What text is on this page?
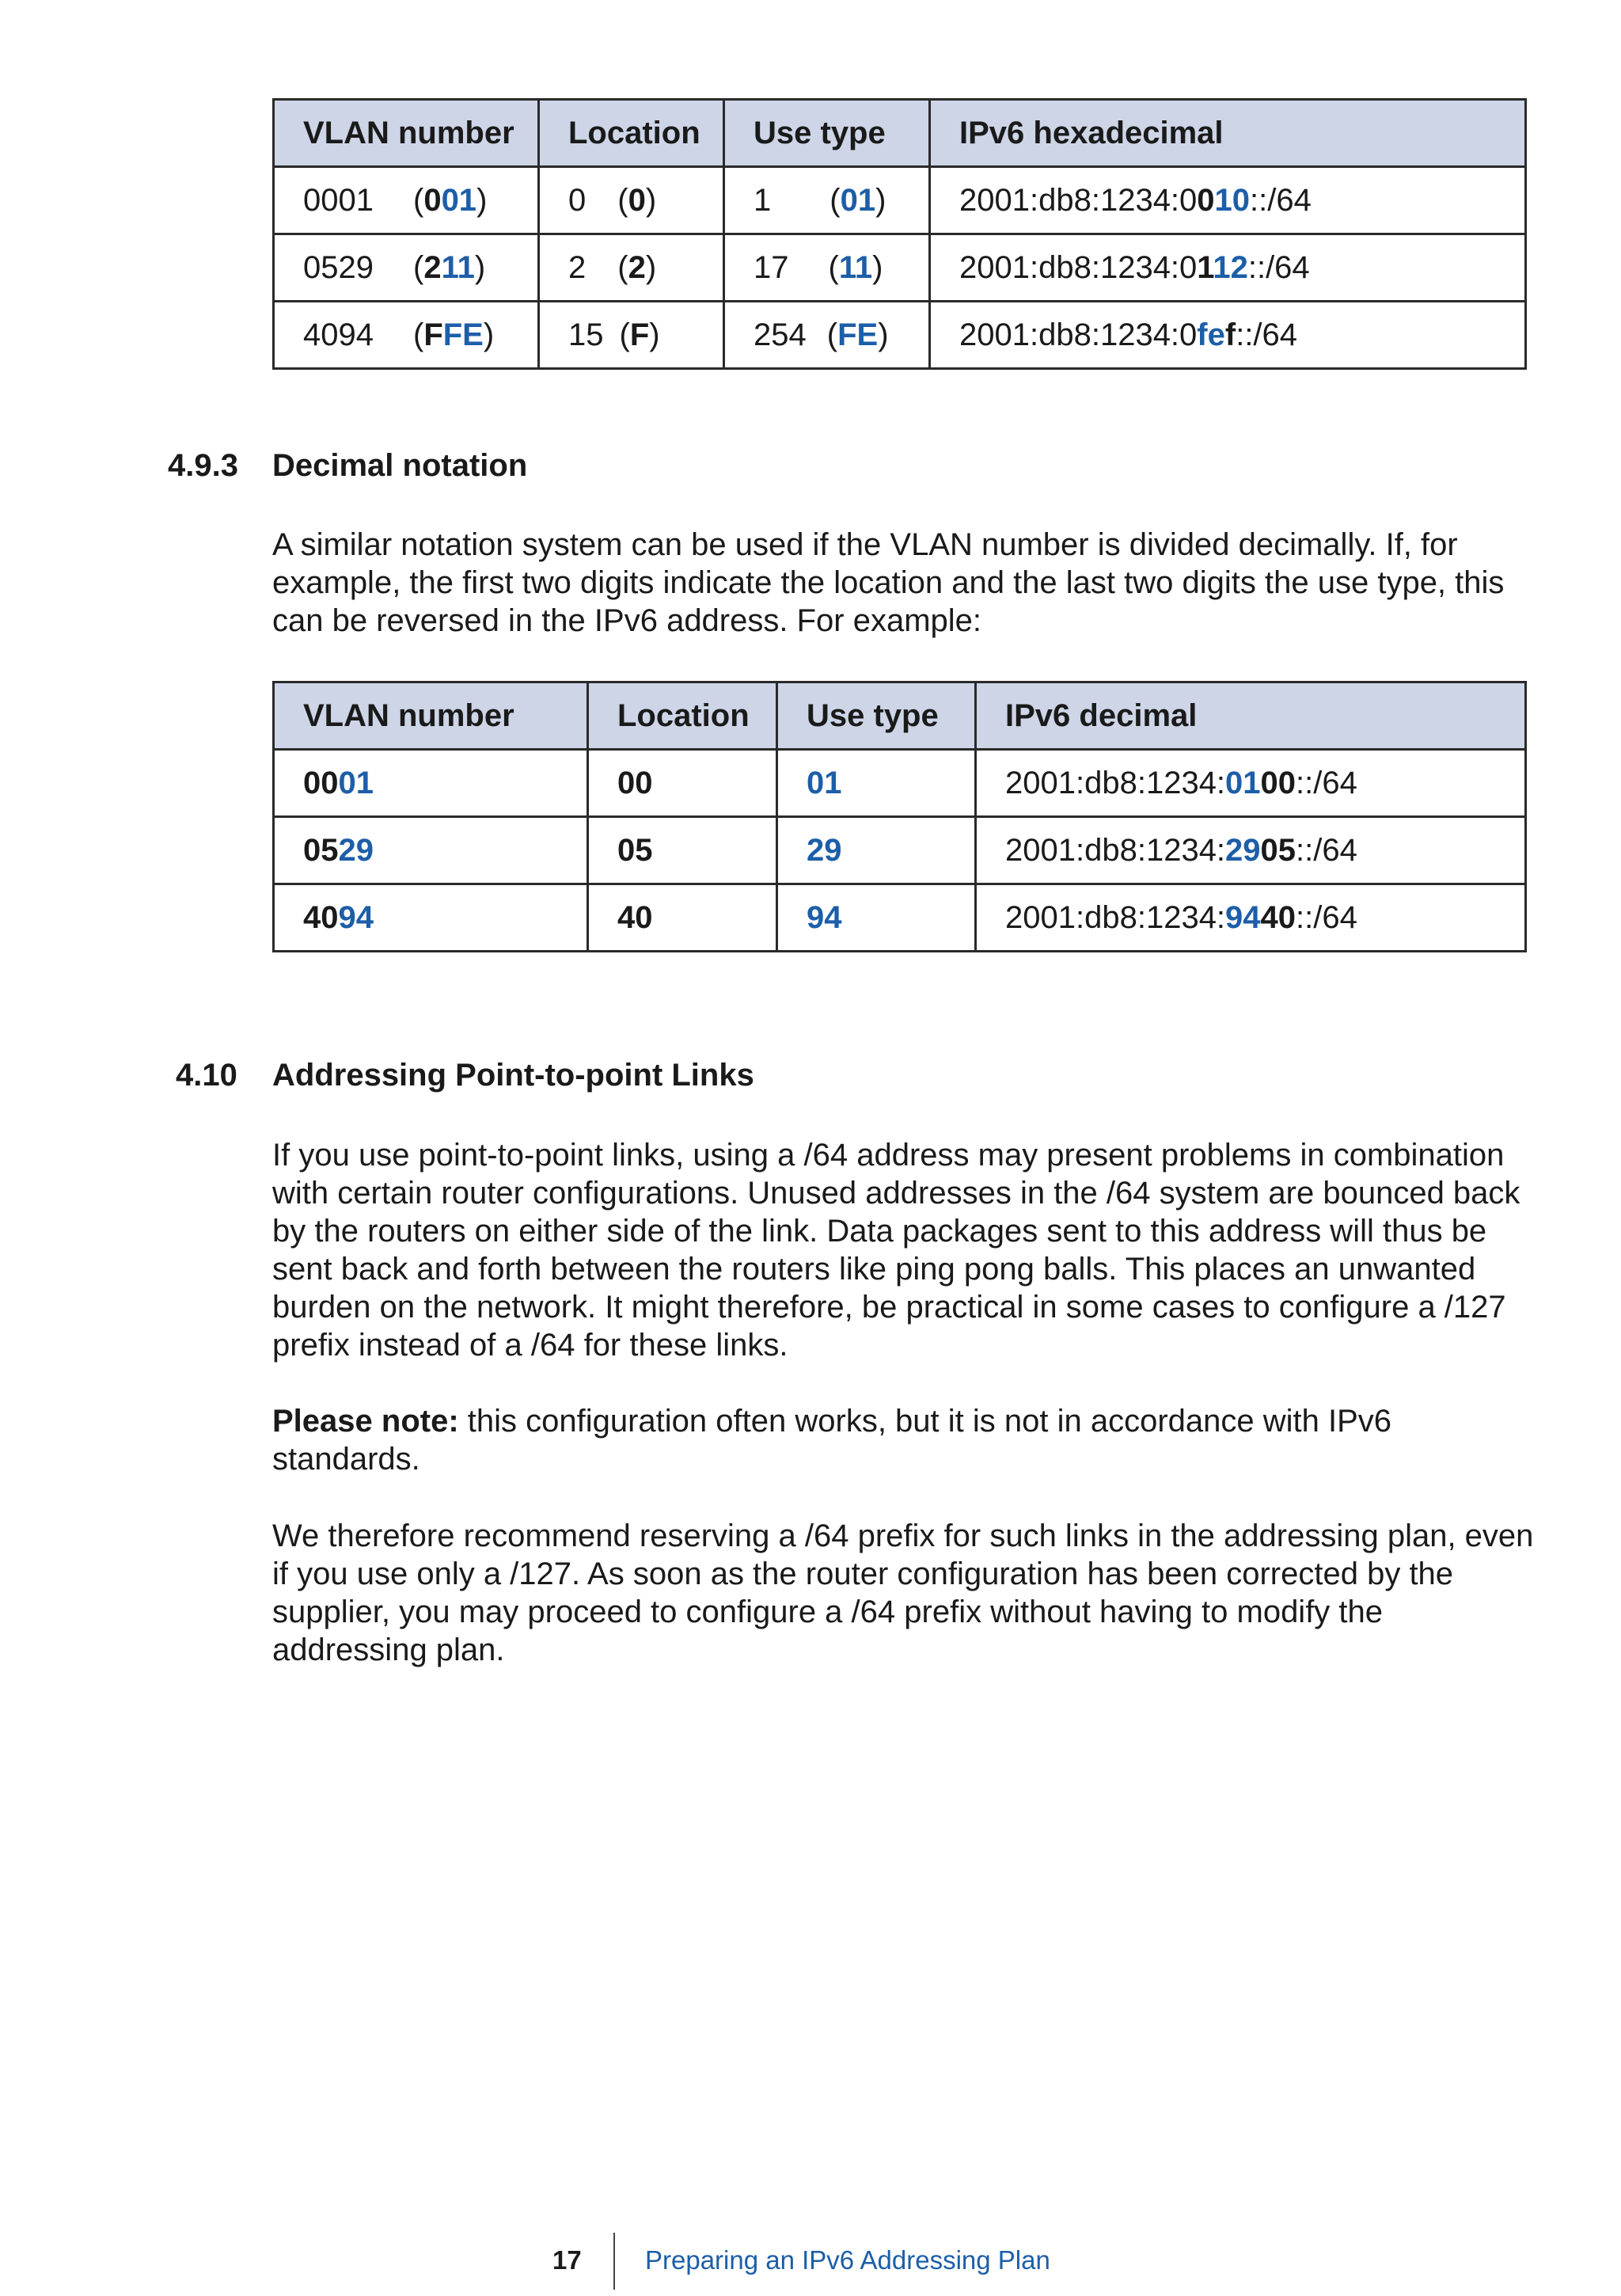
VLAN number	Location	Use type	IPv6 hexadecimal
0001 (001)	0 (0)	1 (01)	2001:db8:1234:0010::/64
0529 (211)	2 (2)	17 (11)	2001:db8:1234:0112::/64
4094 (FFE)	15 (F)	254 (FE)	2001:db8:1234:0fef::/64
4.9.3 Decimal notation

A similar notation system can be used if the VLAN number is divided decimally. If, for example, the first two digits indicate the location and the last two digits the use type, this can be reversed in the IPv6 address. For example:

VLAN number	Location	Use type	IPv6 decimal
0001	00	01	2001:db8:1234:0100::/64
0529	05	29	2001:db8:1234:2905::/64
4094	40	94	2001:db8:1234:9440::/64
4.10 Addressing Point-to-point Links

If you use point-to-point links, using a /64 address may present problems in combination with certain router configurations. Unused addresses in the /64 system are bounced back by the routers on either side of the link. Data packages sent to this address will thus be sent back and forth between the routers like ping pong balls. This places an unwanted burden on the network. It might therefore, be practical in some cases to configure a /127 prefix instead of a /64 for these links.

Please note: this configuration often works, but it is not in accordance with IPv6 standards.

We therefore recommend reserving a /64 prefix for such links in the addressing plan, even if you use only a /127. As soon as the router configuration has been corrected by the supplier, you may proceed to configure a /64 prefix without having to modify the addressing plan.

17 Preparing an IPv6 Addressing Plan
